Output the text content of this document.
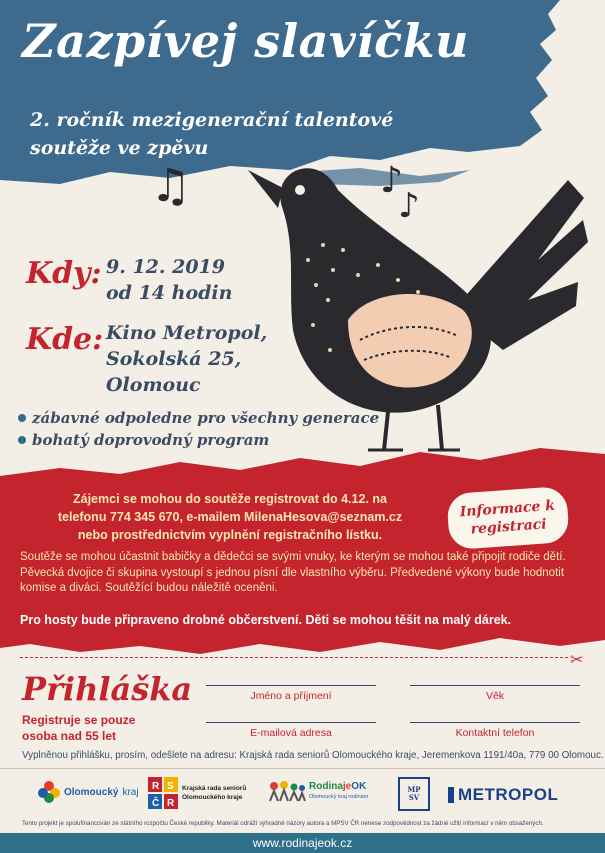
♫	♪
♪
Zazpívej slavíčku
2. ročník mezigenerační talentové
soutěže ve zpěvu
Kdy: 9. 12. 2019
od 14 hodin
Kde: Kino Metropol,
Sokolská 25,
Olomouc
zábavné odpoledne pro všechny generace
bohatý doprovodný program
Zájemci se mohou do soutěže registrovat do 4.12. na
telefonu 774 345 670, e-mailem MilenaHesova@seznam.cz
nebo prostřednictvím vyplnění registračního lístku.
Informace k
registraci
Soutěže se mohou účastnit babičky a dědečci se svými vnuky, ke kterým se mohou také připojit rodiče dětí. Pěvecká dvojice či skupina vystoupí s jednou písní dle vlastního výběru. Předvedené výkony bude hodnotit komise a diváci. Soutěžící budou náležitě oceněni.
Pro hosty bude připraveno drobné občerstvení. Děti se mohou těšit na malý dárek.
✂
Přihláška
Registruje se pouze
osoba nad 55 let
Jméno a příjmení	Věk
E-mailová adresa	Kontaktní telefon
Vyplněnou přihlášku, prosím, odešlete na adresu: Krajská rada seniorů Olomouckého kraje, Jeremenkova 1191/40a, 779 00 Olomouc.
Olomoucký kraj R S
Č R
Krajská rada seniorů
Olomouckého kraje
RodinajeOK
Olomoucký kraj rodinám
MPSV METROPOL
Tento projekt je spolufinancován ze státního rozpočtu České republiky. Materiál odráží výhradně názory autora a MPSV ČR nenese zodpovědnost za žádné užití informací v něm obsažených.
www.rodinajeok.cz
